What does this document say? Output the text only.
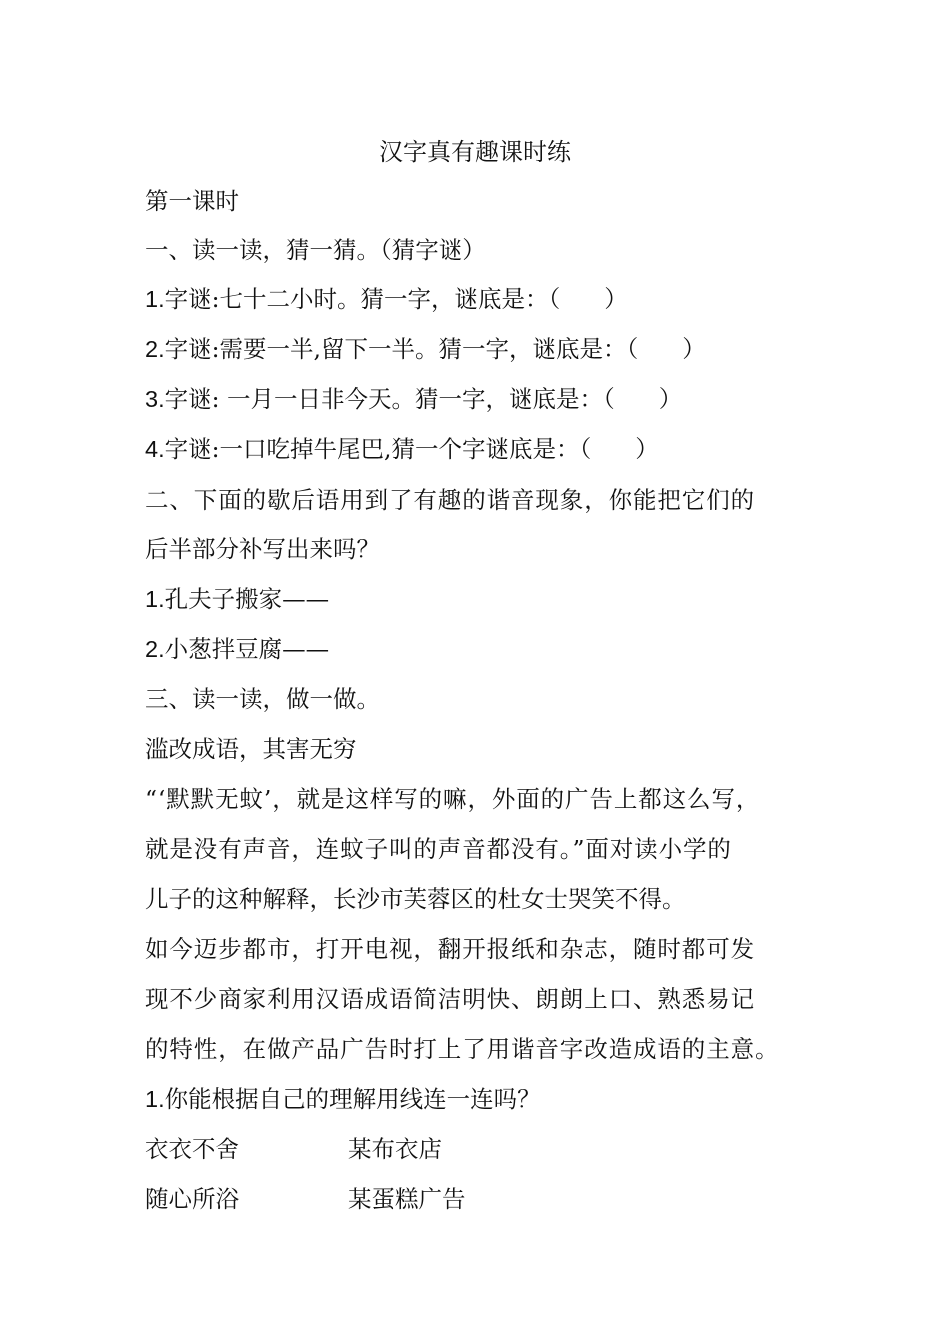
汉字真有趣课时练
第一课时
一、读一读，猜一猜。（猜字谜）
1.字谜:七十二小时。猜一字，谜底是：（ ）
2.字谜:需要一半,留下一半。猜一字，谜底是：（ ）
3.字谜: 一月一日非今天。猜一字，谜底是：（ ）
4.字谜:一口吃掉牛尾巴,猜一个字谜底是：（ ）
二、下面的歇后语用到了有趣的谐音现象，你能把它们的
后半部分补写出来吗？
1.孔夫子搬家——
2.小葱拌豆腐——
三、读一读，做一做。
滥改成语，其害无穷
“‘默默无蚊’，就是这样写的嘛，外面的广告上都这么写，
就是没有声音，连蚊子叫的声音都没有。”面对读小学的
儿子的这种解释，长沙市芙蓉区的杜女士哭笑不得。
如今迈步都市，打开电视，翻开报纸和杂志，随时都可发
现不少商家利用汉语成语简洁明快、朗朗上口、熟悉易记
的特性，在做产品广告时打上了用谐音字改造成语的主意。
1.你能根据自己的理解用线连一连吗？
衣衣不舍	某布衣店
随心所浴	某蛋糕广告
